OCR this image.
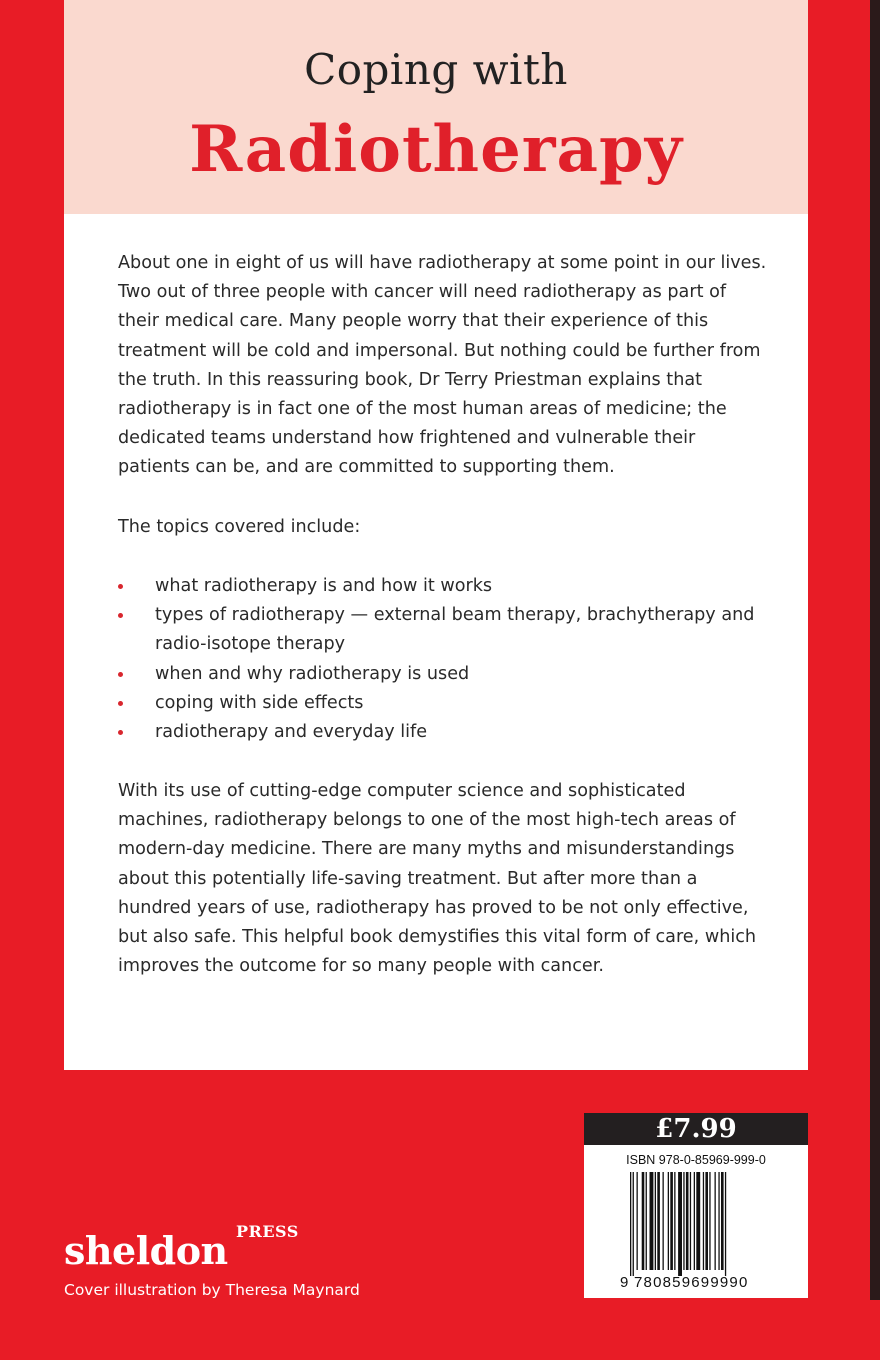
Coping with
Radiotherapy
About one in eight of us will have radiotherapy at some point in our lives. Two out of three people with cancer will need radiotherapy as part of their medical care. Many people worry that their experience of this treatment will be cold and impersonal. But nothing could be further from the truth. In this reassuring book, Dr Terry Priestman explains that radiotherapy is in fact one of the most human areas of medicine; the dedicated teams understand how frightened and vulnerable their patients can be, and are committed to supporting them.
The topics covered include:
what radiotherapy is and how it works
types of radiotherapy — external beam therapy, brachytherapy and radio-isotope therapy
when and why radiotherapy is used
coping with side effects
radiotherapy and everyday life
With its use of cutting-edge computer science and sophisticated machines, radiotherapy belongs to one of the most high-tech areas of modern-day medicine. There are many myths and misunderstandings about this potentially life-saving treatment. But after more than a hundred years of use, radiotherapy has proved to be not only effective, but also safe. This helpful book demystifies this vital form of care, which improves the outcome for so many people with cancer.
PRESS
sheldon
Cover illustration by Theresa Maynard
£7.99
ISBN 978-0-85969-999-0
9 780859699990
